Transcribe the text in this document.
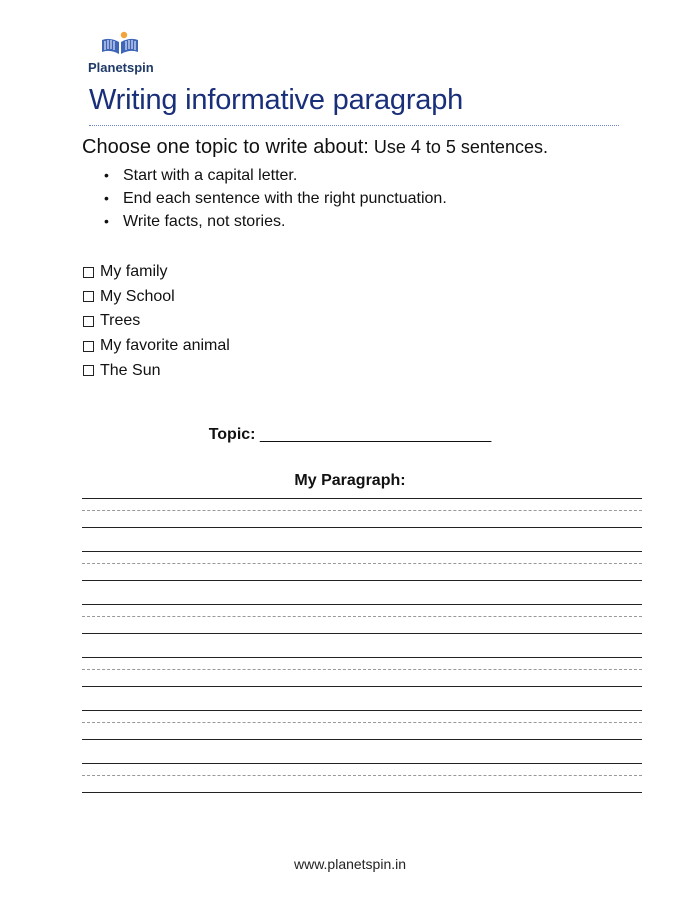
Planetspin
Writing informative paragraph
Choose one topic to write about: Use 4 to 5 sentences.
• Start with a capital letter.
• End each sentence with the right punctuation.
• Write facts, not stories.
My family
My School
Trees
My favorite animal
The Sun
Topic: __________________________
My Paragraph:
www.planetspin.in
